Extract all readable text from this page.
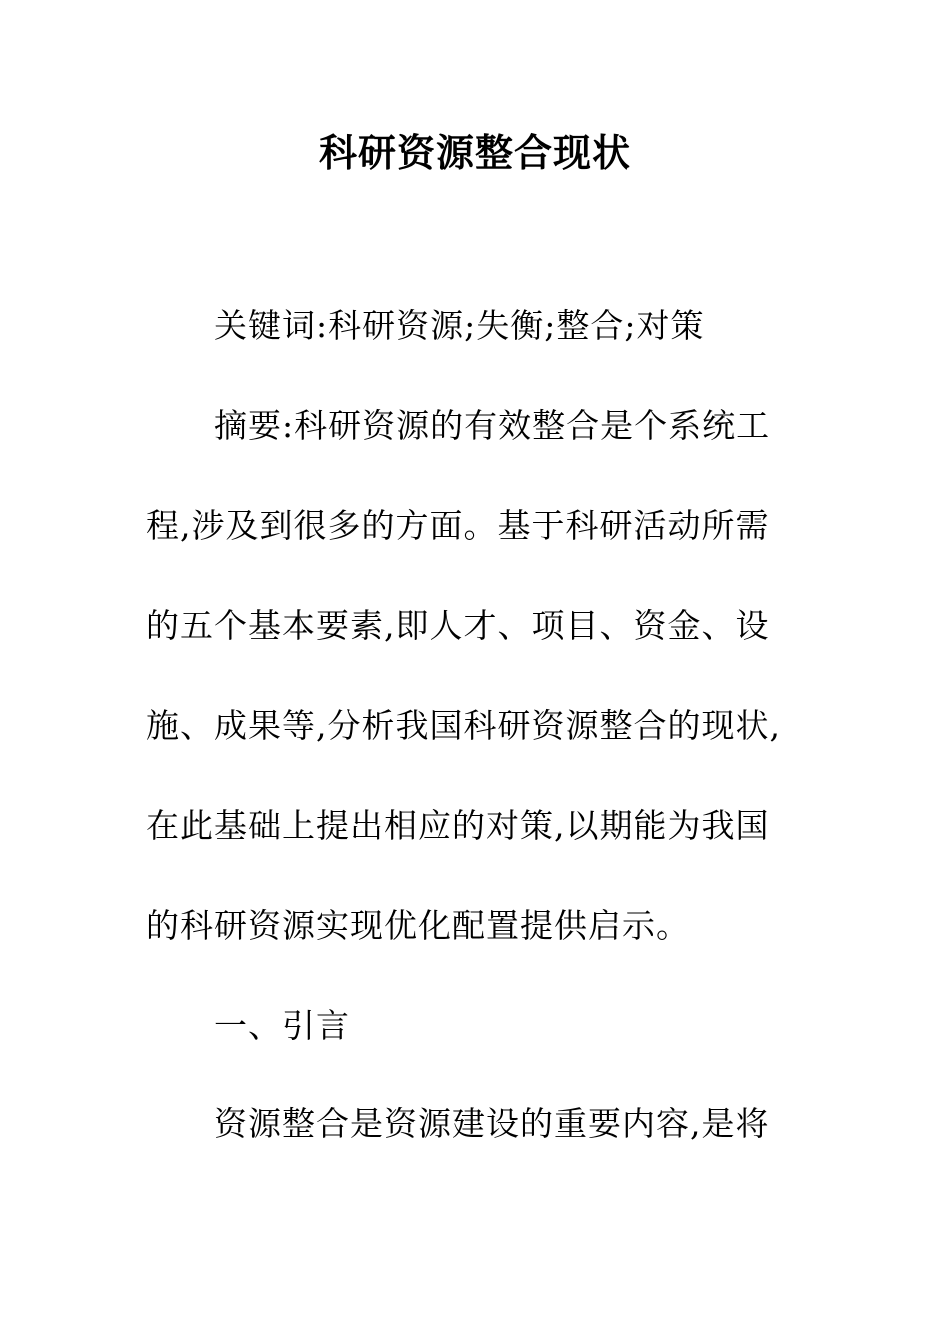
科研资源整合现状
关键词:科研资源;失衡;整合;对策
摘要:科研资源的有效整合是个系统工
程,涉及到很多的方面。基于科研活动所需
的五个基本要素,即人才、项目、资金、设
施、成果等,分析我国科研资源整合的现状,
在此基础上提出相应的对策,以期能为我国
的科研资源实现优化配置提供启示。
一、引言
资源整合是资源建设的重要内容,是将
